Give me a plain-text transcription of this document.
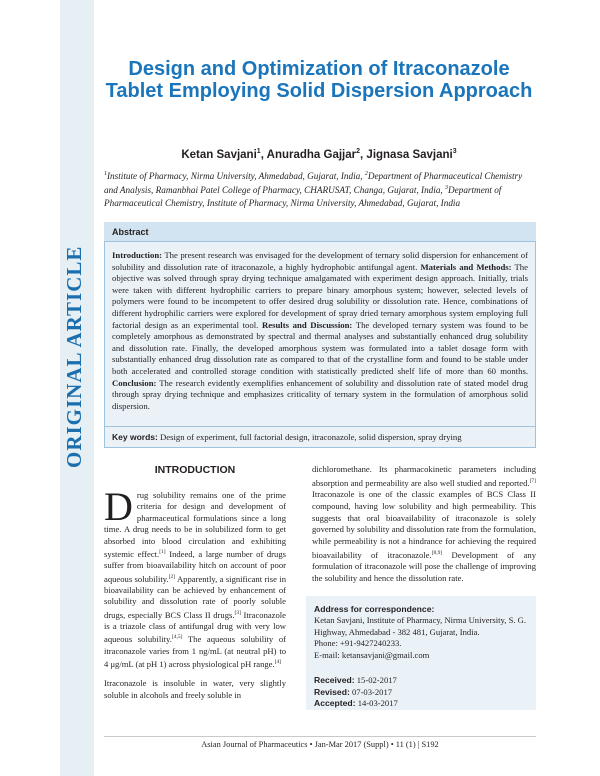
ORIGINAL ARTICLE
Design and Optimization of Itraconazole Tablet Employing Solid Dispersion Approach
Ketan Savjani$^1$, Anuradha Gajjar$^2$, Jignasa Savjani$^3$
$^1$Institute of Pharmacy, Nirma University, Ahmedabad, Gujarat, India, $^2$Department of Pharmaceutical Chemistry and Analysis, Ramanbhai Patel College of Pharmacy, CHARUSAT, Changa, Gujarat, India, $^3$Department of Pharmaceutical Chemistry, Institute of Pharmacy, Nirma University, Ahmedabad, Gujarat, India
Abstract
Introduction: The present research was envisaged for the development of ternary solid dispersion for enhancement of solubility and dissolution rate of itraconazole, a highly hydrophobic antifungal agent. Materials and Methods: The objective was solved through spray drying technique amalgamated with experiment design approach. Initially, trials were taken with different hydrophilic carriers to prepare binary amorphous system; however, selected levels of polymers were found to be incompetent to offer desired drug solubility or dissolution rate. Hence, combinations of different hydrophilic carriers were explored for development of spray dried ternary amorphous system employing full factorial design as an experimental tool. Results and Discussion: The developed ternary system was found to be completely amorphous as demonstrated by spectral and thermal analyses and substantially enhanced drug solubility and dissolution rate. Finally, the developed amorphous system was formulated into a tablet dosage form with substantially enhanced drug dissolution rate as compared to that of the crystalline form and found to be stable under both accelerated and controlled storage condition with statistically predicted shelf life of more than 60 months. Conclusion: The research evidently exemplifies enhancement of solubility and dissolution rate of stated model drug through spray drying technique and emphasizes criticality of ternary system in the formulation of amorphous solid dispersion.
Key words: Design of experiment, full factorial design, itraconazole, solid dispersion, spray drying
INTRODUCTION

Drug solubility remains one of the prime criteria for design and development of pharmaceutical formulations since a long time. A drug needs to be in solubilized form to get absorbed into blood circulation and exhibiting systemic effect.[1] Indeed, a large number of drugs suffer from bioavailability hitch on account of poor aqueous solubility.[2] Apparently, a significant rise in bioavailability can be achieved by enhancement of solubility and dissolution rate of poorly soluble drugs, especially BCS Class II drugs.[3] Itraconazole is a triazole class of antifungal drug with very low aqueous solubility.[4,5] The aqueous solubility of itraconazole varies from 1 ng/mL (at neutral pH) to 4 μg/mL (at pH 1) across physiological pH range.[4]

Itraconazole is insoluble in water, very slightly soluble in alcohols and freely soluble in

dichloromethane. Its pharmacokinetic parameters including absorption and permeability are also well studied and reported.[7] Itraconazole is one of the classic examples of BCS Class II compound, having low solubility and high permeability. This suggests that oral bioavailability of itraconazole is solely governed by solubility and dissolution rate from the formulation, while permeability is not a hindrance for achieving the required bioavailability of itraconazole.[8,9] Development of any formulation of itraconazole will pose the challenge of improving the solubility and hence the dissolution rate.

Address for correspondence:
Ketan Savjani, Institute of Pharmacy, Nirma University, S. G. Highway, Ahmedabad - 382 481, Gujarat, India.
Phone: +91-9427240233.
E-mail: ketansavjani@gmail.com
Received: 15-02-2017
Revised: 07-03-2017
Accepted: 14-03-2017
Asian Journal of Pharmaceutics • Jan-Mar 2017 (Suppl) • 11 (1) | S192
